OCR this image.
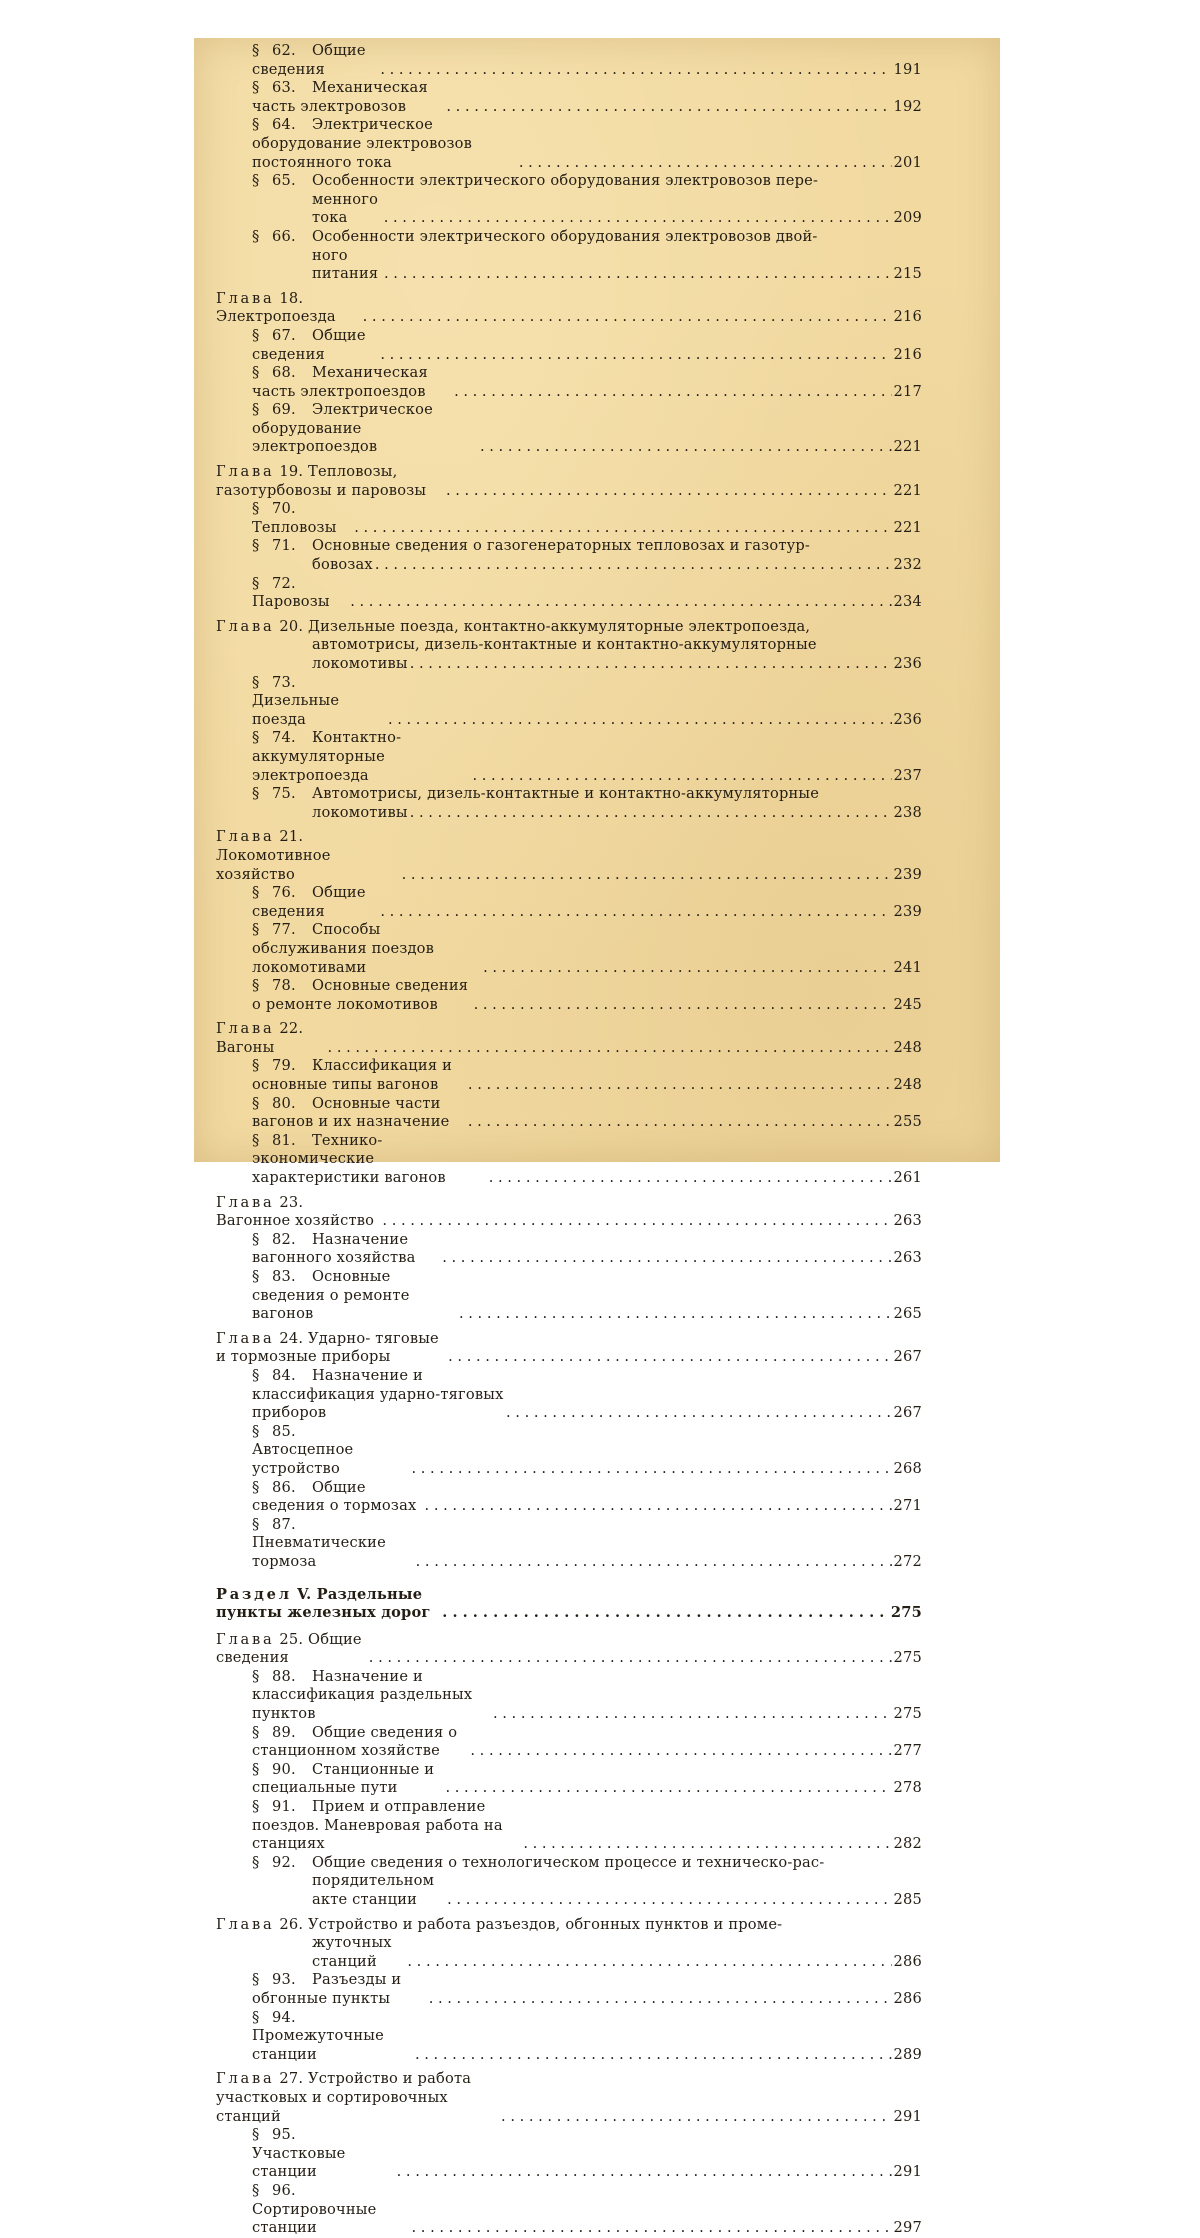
§ 62. Общие сведения . . .	191
§ 63. Механическая часть электровозов . . .	192
§ 64. Электрическое оборудование электровозов постоянного тока . . .	201
§ 65. Особенности электрического оборудования электровозов пере-
менного тока . . .	209
§ 66. Особенности электрического оборудования электровозов двой-
ного питания . . .	215
Глава 18. Электропоезда . . .	216
§ 67. Общие сведения . . .	216
§ 68. Механическая часть электропоездов . . .	217
§ 69. Электрическое оборудование электропоездов . . .	221
Глава 19. Тепловозы, газотурбовозы и паровозы . . .	221
§ 70.Тепловозы . . .	221
§ 71. Основные сведения о газогенераторных тепловозах и газотур-
бовозах . . .	232
§ 72.Паровозы . . .	234
Глава 20. Дизельные поезда, контактно-аккумуляторные электропоезда,
автомотрисы, дизель-контактные и контактно-аккумуляторные
локомотивы . . .	236
§ 73.Дизельные поезда . . .	236
§ 74. Контактно-аккумуляторные электропоезда . . .	237
§ 75. Автомотрисы, дизель-контактные и контактно-аккумуляторные
локомотивы . . .	238
Глава 21. Локомотивное хозяйство . . .	239
§ 76. Общие сведения . . .	239
§ 77. Способы обслуживания поездов локомотивами . . .	241
§ 78. Основные сведения о ремонте локомотивов . . .	245
Глава 22. Вагоны . . .	248
§ 79. Классификация и основные типы вагонов . . .	248
§ 80. Основные части вагонов и их назначение . . .	255
§ 81. Технико-экономические характеристики вагонов . . .	261
Глава 23. Вагонное хозяйство . . .	263
§ 82. Назначение вагонного хозяйства . . .	263
§ 83. Основные сведения о ремонте вагонов . . .	265
Глава 24. Ударно- тяговые и тормозные приборы . . .	267
§ 84. Назначение и классификация ударно-тяговых приборов . . .	267
§ 85.Автосцепное устройство . . .	268
§ 86. Общие сведения о тормозах . . .	271
§ 87.Пневматические тормоза . . .	272
Раздел V. Раздельные пункты железных дорог . . .	275
Глава 25. Общие сведения . . .	275
§ 88. Назначение и классификация раздельных пунктов . . .	275
§ 89. Общие сведения о станционном хозяйстве . . .	277
§ 90. Станционные и специальные пути . . .	278
§ 91. Прием и отправление поездов. Маневровая работа на станциях . . .	282
§ 92. Общие сведения о технологическом процессе и техническо-рас-
порядительном акте станции . . .	285
Глава 26. Устройство и работа разъездов, обгонных пунктов и проме-
жуточных станций . . .	286
§ 93. Разъезды и обгонные пункты . . .	286
§ 94.Промежуточные станции . . .	289
Глава 27. Устройство и работа участковых и сортировочных станций . . .	291
§ 95.Участковые станции . . .	291
§ 96.Сортировочные станции . . .	297
